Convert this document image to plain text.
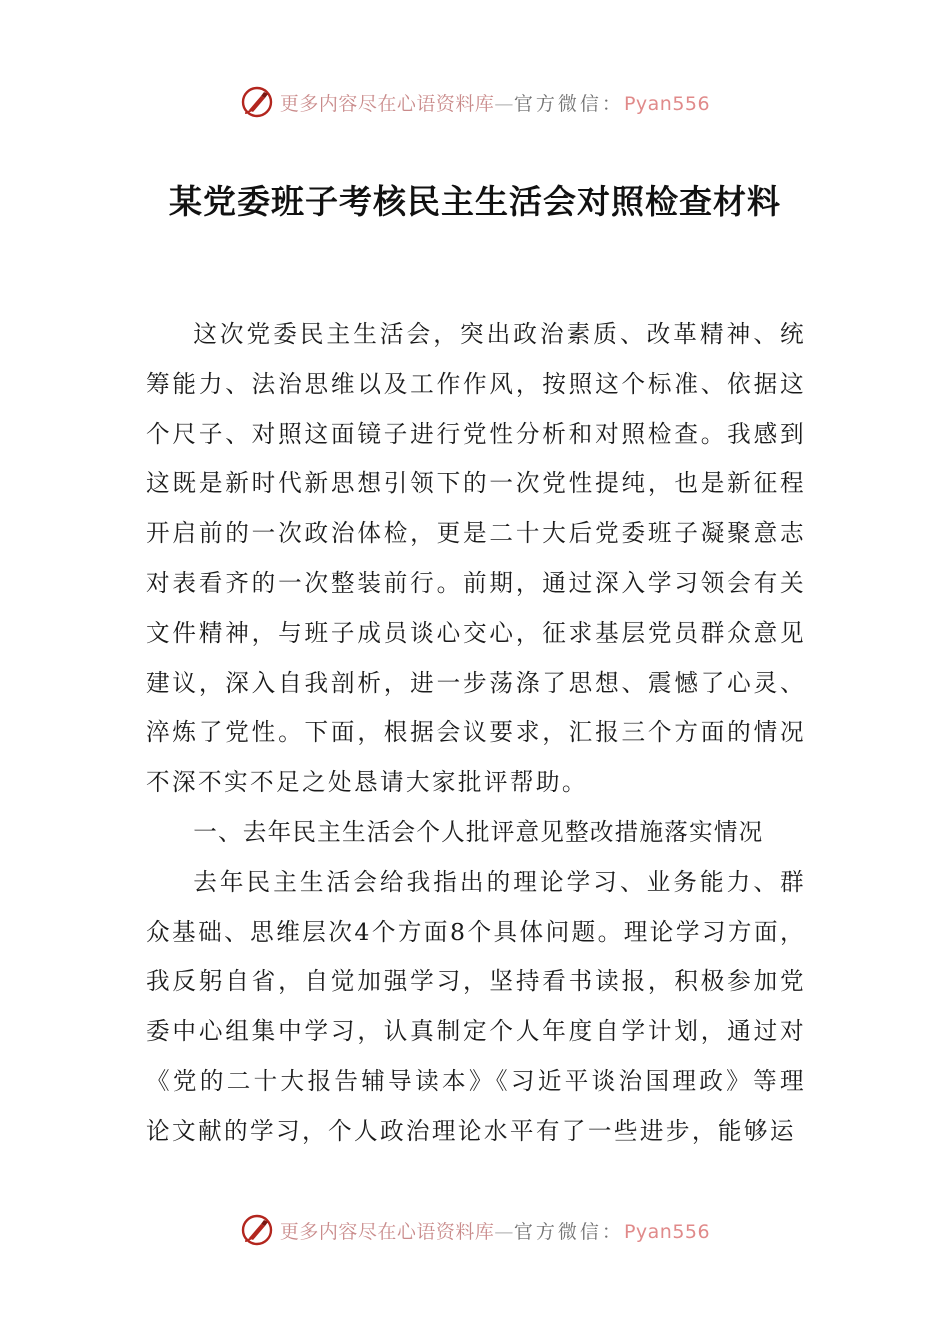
更多内容尽在心语资料库—官方微信：Pyan556
某党委班子考核民主生活会对照检查材料

这次党委民主生活会，突出政治素质、改革精神、统筹能力、法治思维以及工作作风，按照这个标准、依据这个尺子、对照这面镜子进行党性分析和对照检查。我感到这既是新时代新思想引领下的一次党性提纯，也是新征程开启前的一次政治体检，更是二十大后党委班子凝聚意志对表看齐的一次整装前行。前期，通过深入学习领会有关文件精神，与班子成员谈心交心，征求基层党员群众意见建议，深入自我剖析，进一步荡涤了思想、震憾了心灵、淬炼了党性。下面，根据会议要求，汇报三个方面的情况不深不实不足之处恳请大家批评帮助。

一、去年民主生活会个人批评意见整改措施落实情况

去年民主生活会给我指出的理论学习、业务能力、群众基础、思维层次4个方面8个具体问题。理论学习方面，我反躬自省，自觉加强学习，坚持看书读报，积极参加党委中心组集中学习，认真制定个人年度自学计划，通过对《党的二十大报告辅导读本》《习近平谈治国理政》等理论文献的学习，个人政治理论水平有了一些进步，能够运

更多内容尽在心语资料库—官方微信：Pyan556
